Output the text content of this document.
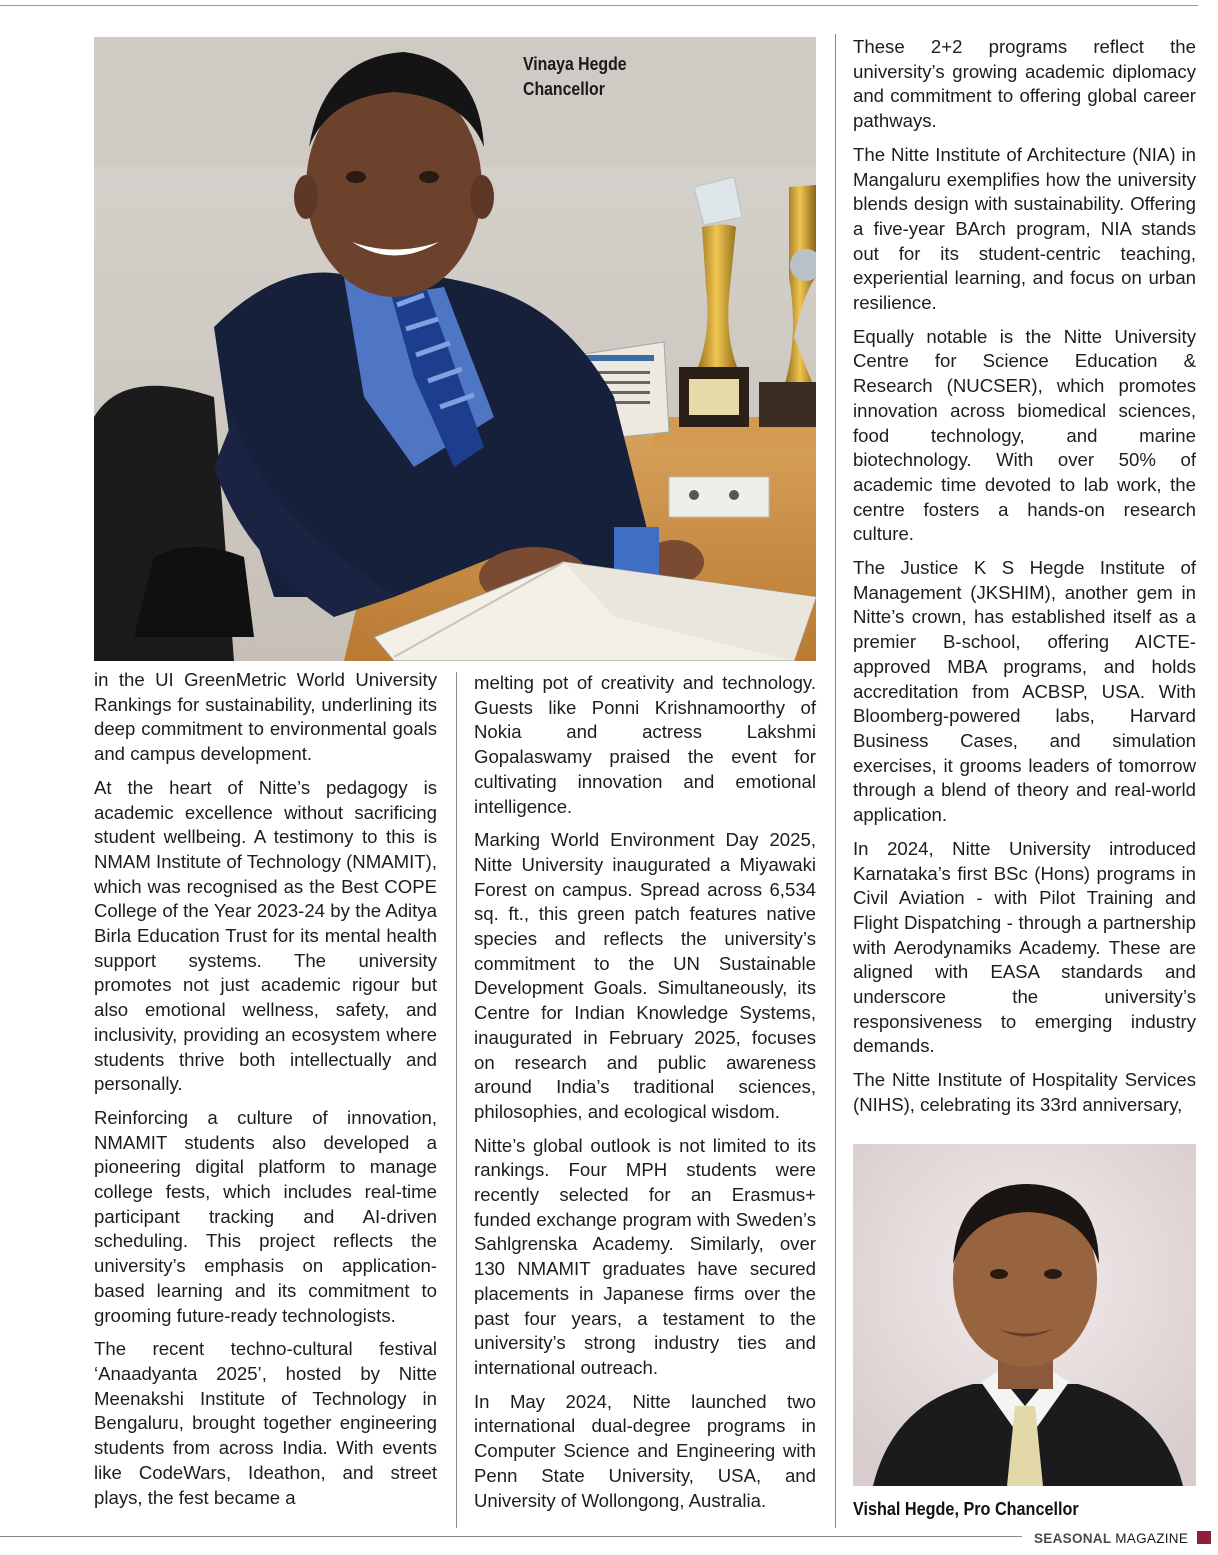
Vinaya Hegde
Chancellor

in the UI GreenMetric World University Rankings for sustainability, underlining its deep commitment to environmental goals and campus development.

At the heart of Nitte’s pedagogy is academic excellence without sacrificing student wellbeing. A testimony to this is NMAM Institute of Technology (NMAMIT), which was recognised as the Best COPE College of the Year 2023-24 by the Aditya Birla Education Trust for its mental health support systems. The university promotes not just academic rigour but also emotional wellness, safety, and inclusivity, providing an ecosystem where students thrive both intellectually and personally.

Reinforcing a culture of innovation, NMAMIT students also developed a pioneering digital platform to manage college fests, which includes real-time participant tracking and AI-driven scheduling. This project reflects the university’s emphasis on application-based learning and its commitment to grooming future-ready technologists.

The recent techno-cultural festival ‘Anaadyanta 2025’, hosted by Nitte Meenakshi Institute of Technology in Bengaluru, brought together engineering students from across India. With events like CodeWars, Ideathon, and street plays, the fest became a

melting pot of creativity and technology. Guests like Ponni Krishnamoorthy of Nokia and actress Lakshmi Gopalaswamy praised the event for cultivating innovation and emotional intelligence.

Marking World Environment Day 2025, Nitte University inaugurated a Miyawaki Forest on campus. Spread across 6,534 sq. ft., this green patch features native species and reflects the university’s commitment to the UN Sustainable Development Goals. Simultaneously, its Centre for Indian Knowledge Systems, inaugurated in February 2025, focuses on research and public awareness around India’s traditional sciences, philosophies, and ecological wisdom.

Nitte’s global outlook is not limited to its rankings. Four MPH students were recently selected for an Erasmus+ funded exchange program with Sweden’s Sahlgrenska Academy. Similarly, over 130 NMAMIT graduates have secured placements in Japanese firms over the past four years, a testament to the university’s strong industry ties and international outreach.

In May 2024, Nitte launched two international dual-degree programs in Computer Science and Engineering with Penn State University, USA, and University of Wollongong, Australia.

These 2+2 programs reflect the university’s growing academic diplomacy and commitment to offering global career pathways.

The Nitte Institute of Architecture (NIA) in Mangaluru exemplifies how the university blends design with sustainability. Offering a five-year BArch program, NIA stands out for its student-centric teaching, experiential learning, and focus on urban resilience.

Equally notable is the Nitte University Centre for Science Education & Research (NUCSER), which promotes innovation across biomedical sciences, food technology, and marine biotechnology. With over 50% of academic time devoted to lab work, the centre fosters a hands-on research culture.

The Justice K S Hegde Institute of Management (JKSHIM), another gem in Nitte’s crown, has established itself as a premier B-school, offering AICTE-approved MBA programs, and holds accreditation from ACBSP, USA. With Bloomberg-powered labs, Harvard Business Cases, and simulation exercises, it grooms leaders of tomorrow through a blend of theory and real-world application.

In 2024, Nitte University introduced Karnataka’s first BSc (Hons) programs in Civil Aviation - with Pilot Training and Flight Dispatching - through a partnership with Aerodynamiks Academy. These are aligned with EASA standards and underscore the university’s responsiveness to emerging industry demands.

The Nitte Institute of Hospitality Services (NIHS), celebrating its 33rd anniversary,

Vishal Hegde, Pro Chancellor
SEASONAL MAGAZINE
